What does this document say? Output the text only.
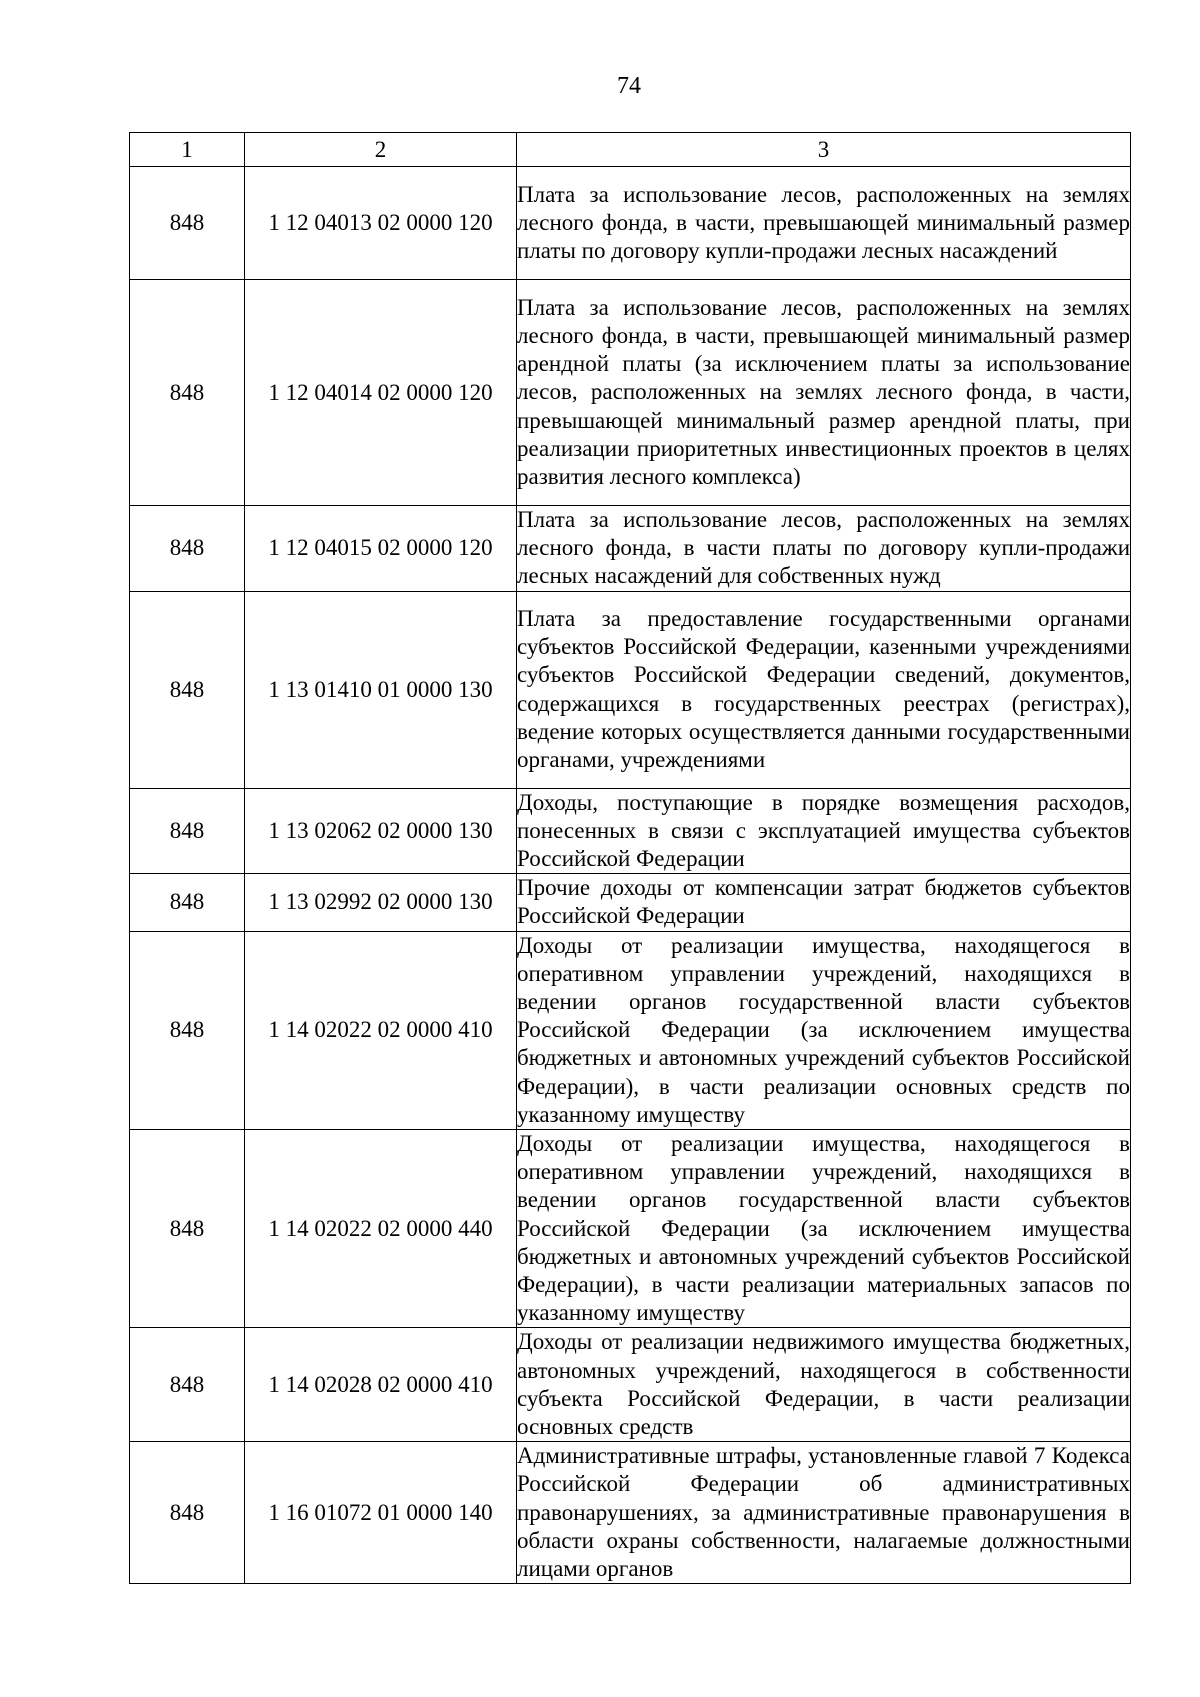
74
1	2	3
848	1 12 04013 02 0000 120	Плата за использование лесов, расположенных на землях лесного фонда, в части, превышающей минимальный размер платы по договору купли-продажи лесных насаждений
848	1 12 04014 02 0000 120	Плата за использование лесов, расположенных на землях лесного фонда, в части, превышающей минимальный размер арендной платы (за исключением платы за использование лесов, расположенных на землях лесного фонда, в части, превышающей минимальный размер арендной платы, при реализации приоритетных инвестиционных проектов в целях развития лесного комплекса)
848	1 12 04015 02 0000 120	Плата за использование лесов, расположенных на землях лесного фонда, в части платы по договору купли-продажи лесных насаждений для собственных нужд
848	1 13 01410 01 0000 130	Плата за предоставление государственными органами субъектов Российской Федерации, казенными учреждениями субъектов Российской Федерации сведений, документов, содержащихся в государственных реестрах (регистрах), ведение которых осуществляется данными государственными органами, учреждениями
848	1 13 02062 02 0000 130	Доходы, поступающие в порядке возмещения расходов, понесенных в связи с эксплуатацией имущества субъектов Российской Федерации
848	1 13 02992 02 0000 130	Прочие доходы от компенсации затрат бюджетов субъектов Российской Федерации
848	1 14 02022 02 0000 410	Доходы от реализации имущества, находящегося в оперативном управлении учреждений, находящихся в ведении органов государственной власти субъектов Российской Федерации (за исключением имущества бюджетных и автономных учреждений субъектов Российской Федерации), в части реализации основных средств по указанному имуществу
848	1 14 02022 02 0000 440	Доходы от реализации имущества, находящегося в оперативном управлении учреждений, находящихся в ведении органов государственной власти субъектов Российской Федерации (за исключением имущества бюджетных и автономных учреждений субъектов Российской Федерации), в части реализации материальных запасов по указанному имуществу
848	1 14 02028 02 0000 410	Доходы от реализации недвижимого имущества бюджетных, автономных учреждений, находящегося в собственности субъекта Российской Федерации, в части реализации основных средств
848	1 16 01072 01 0000 140	Административные штрафы, установленные главой 7 Кодекса Российской Федерации об административных правонарушениях, за административные правонарушения в области охраны собственности, налагаемые должностными лицами органов
